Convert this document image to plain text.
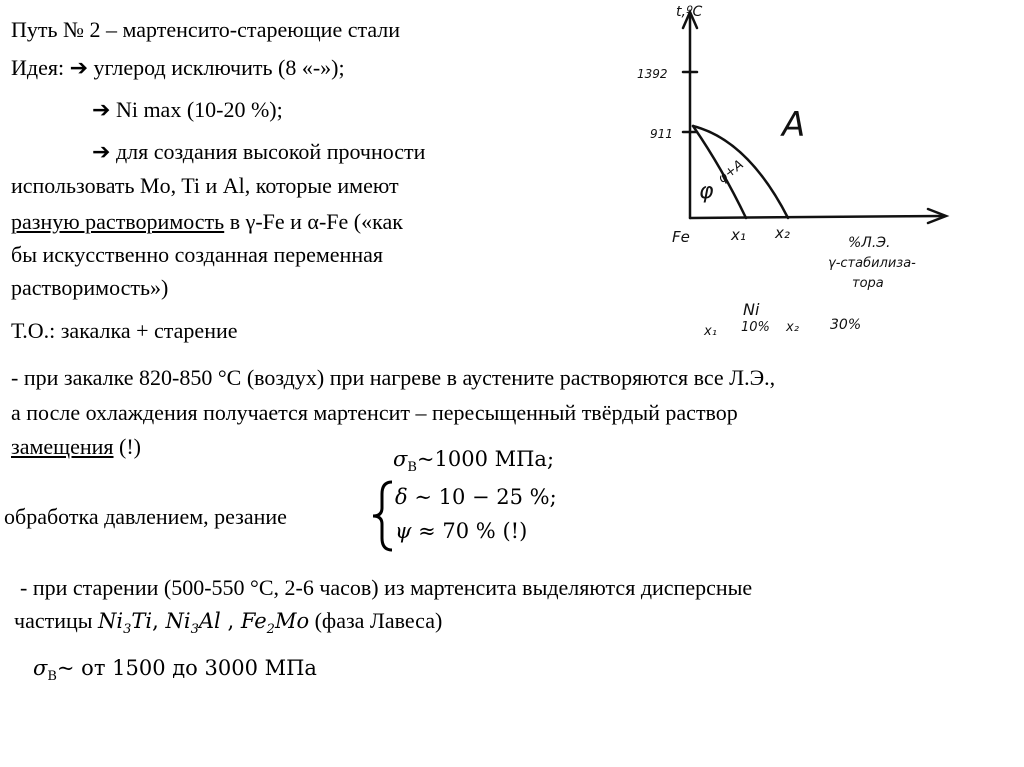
Путь № 2 – мартенсито-стареющие стали
Идея: ➔ углерод исключить (8 «-»);
➔ Ni max (10-20 %);
➔ для создания высокой прочности
использовать Mo, Ti и Al, которые имеют
разную растворимость в γ-Fe и α-Fe («как
бы искусственно созданная переменная
растворимость»)
Т.О.: закалка + старение
- при закалке 820-850 °С (воздух) при нагреве в аустените растворяются все Л.Э.,
а после охлаждения получается мартенсит – пересыщенный твёрдый раствор
замещения (!)	$\sigma_В\sim 1000$ МПа;
обработка давлением, резание
δ ∼ 10 − 25 %;
ψ ≈ 70 % (!)
- при старении (500-550 °С, 2-6 часов) из мартенсита выделяются дисперсные
частицы $Ni_3Ti$, $Ni_3Al$ , $Fe_2Mo$ (фаза Лавеса)
$\sigma_В\sim$ от 1500 до 3000 МПа
t,ºC
1392
911
Fe	x₁ x₂
A
φ
φ+A
%Л.Э.
γ-стабилиза-
тора
Ni
x₁ 10% x₂ 30%
